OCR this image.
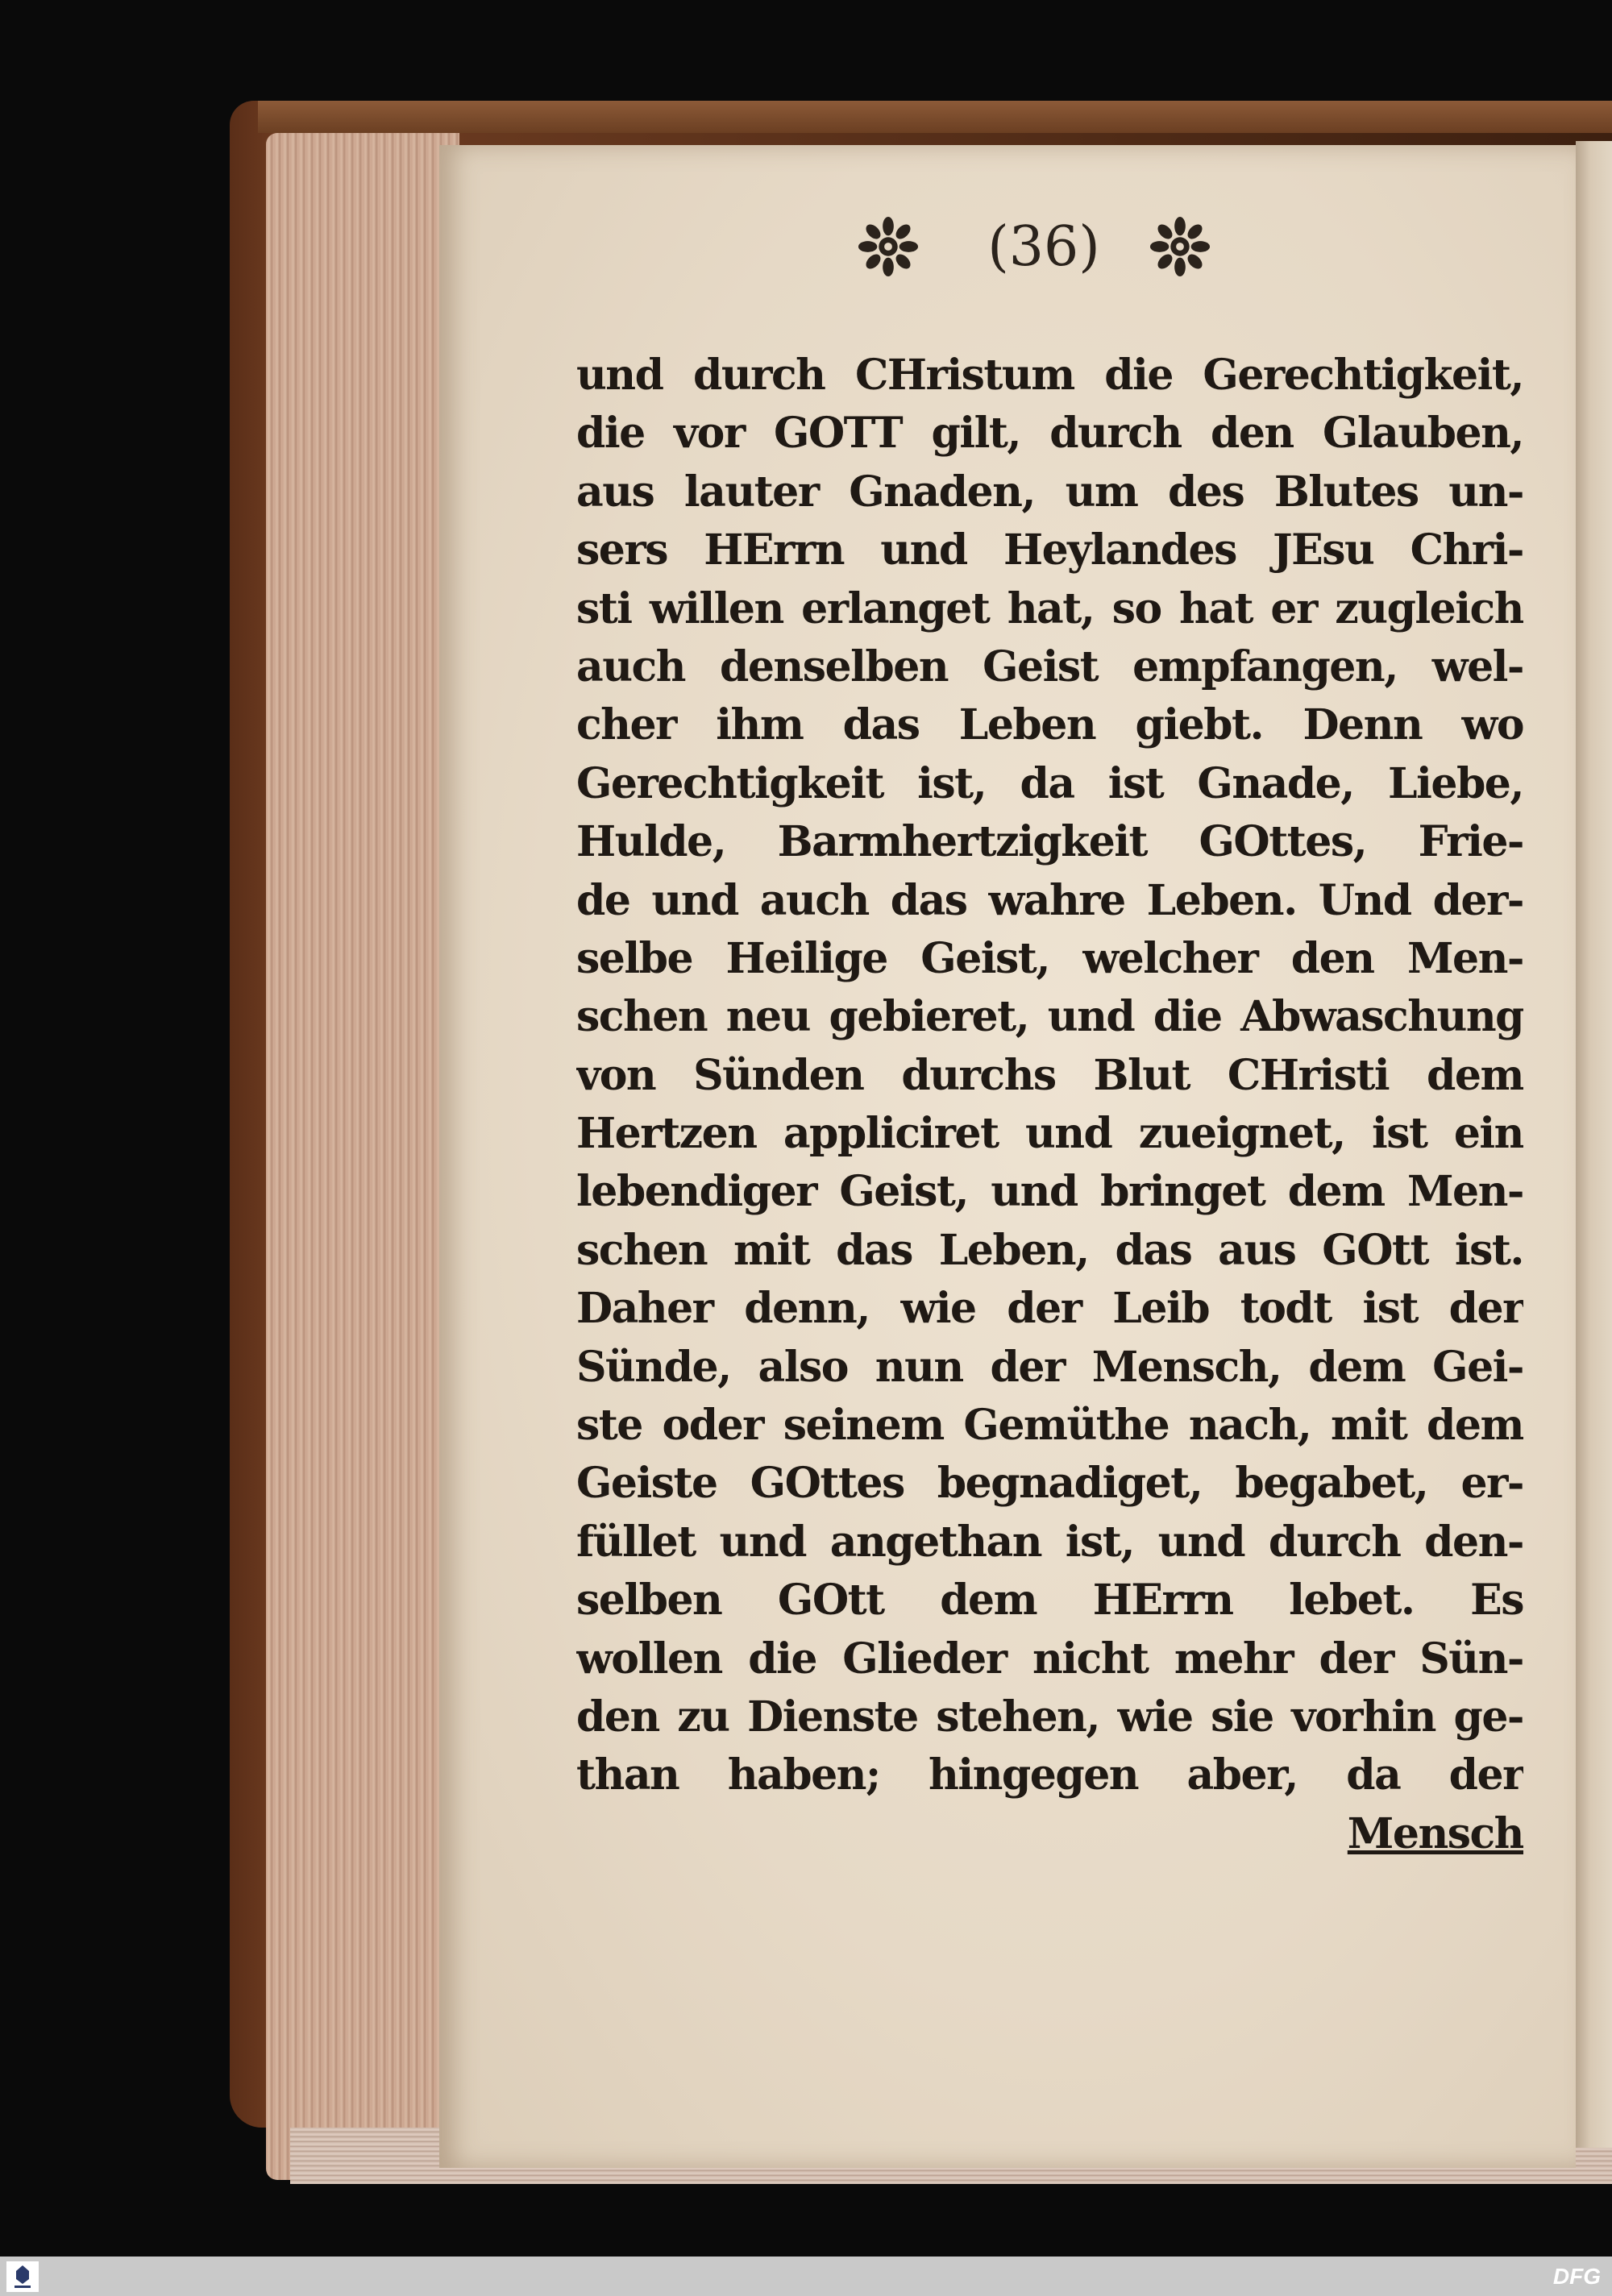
(36)
und durch CHristum die Gerechtigkeit,
die vor GOTT gilt, durch den Glauben,
aus lauter Gnaden, um des Blutes un-
sers HErrn und Heylandes JEsu Chri-
sti willen erlanget hat, so hat er zugleich
auch denselben Geist empfangen, wel-
cher ihm das Leben giebt. Denn wo
Gerechtigkeit ist, da ist Gnade, Liebe,
Hulde, Barmhertzigkeit GOttes, Frie-
de und auch das wahre Leben. Und der-
selbe Heilige Geist, welcher den Men-
schen neu gebieret, und die Abwaschung
von Sünden durchs Blut CHristi dem
Hertzen appliciret und zueignet, ist ein
lebendiger Geist, und bringet dem Men-
schen mit das Leben, das aus GOtt ist.
Daher denn, wie der Leib todt ist der
Sünde, also nun der Mensch, dem Gei-
ste oder seinem Gemüthe nach, mit dem
Geiste GOttes begnadiget, begabet, er-
füllet und angethan ist, und durch den-
selben GOtt dem HErrn lebet. Es
wollen die Glieder nicht mehr der Sün-
den zu Dienste stehen, wie sie vorhin ge-
than haben; hingegen aber, da der
Mensch
DFG
